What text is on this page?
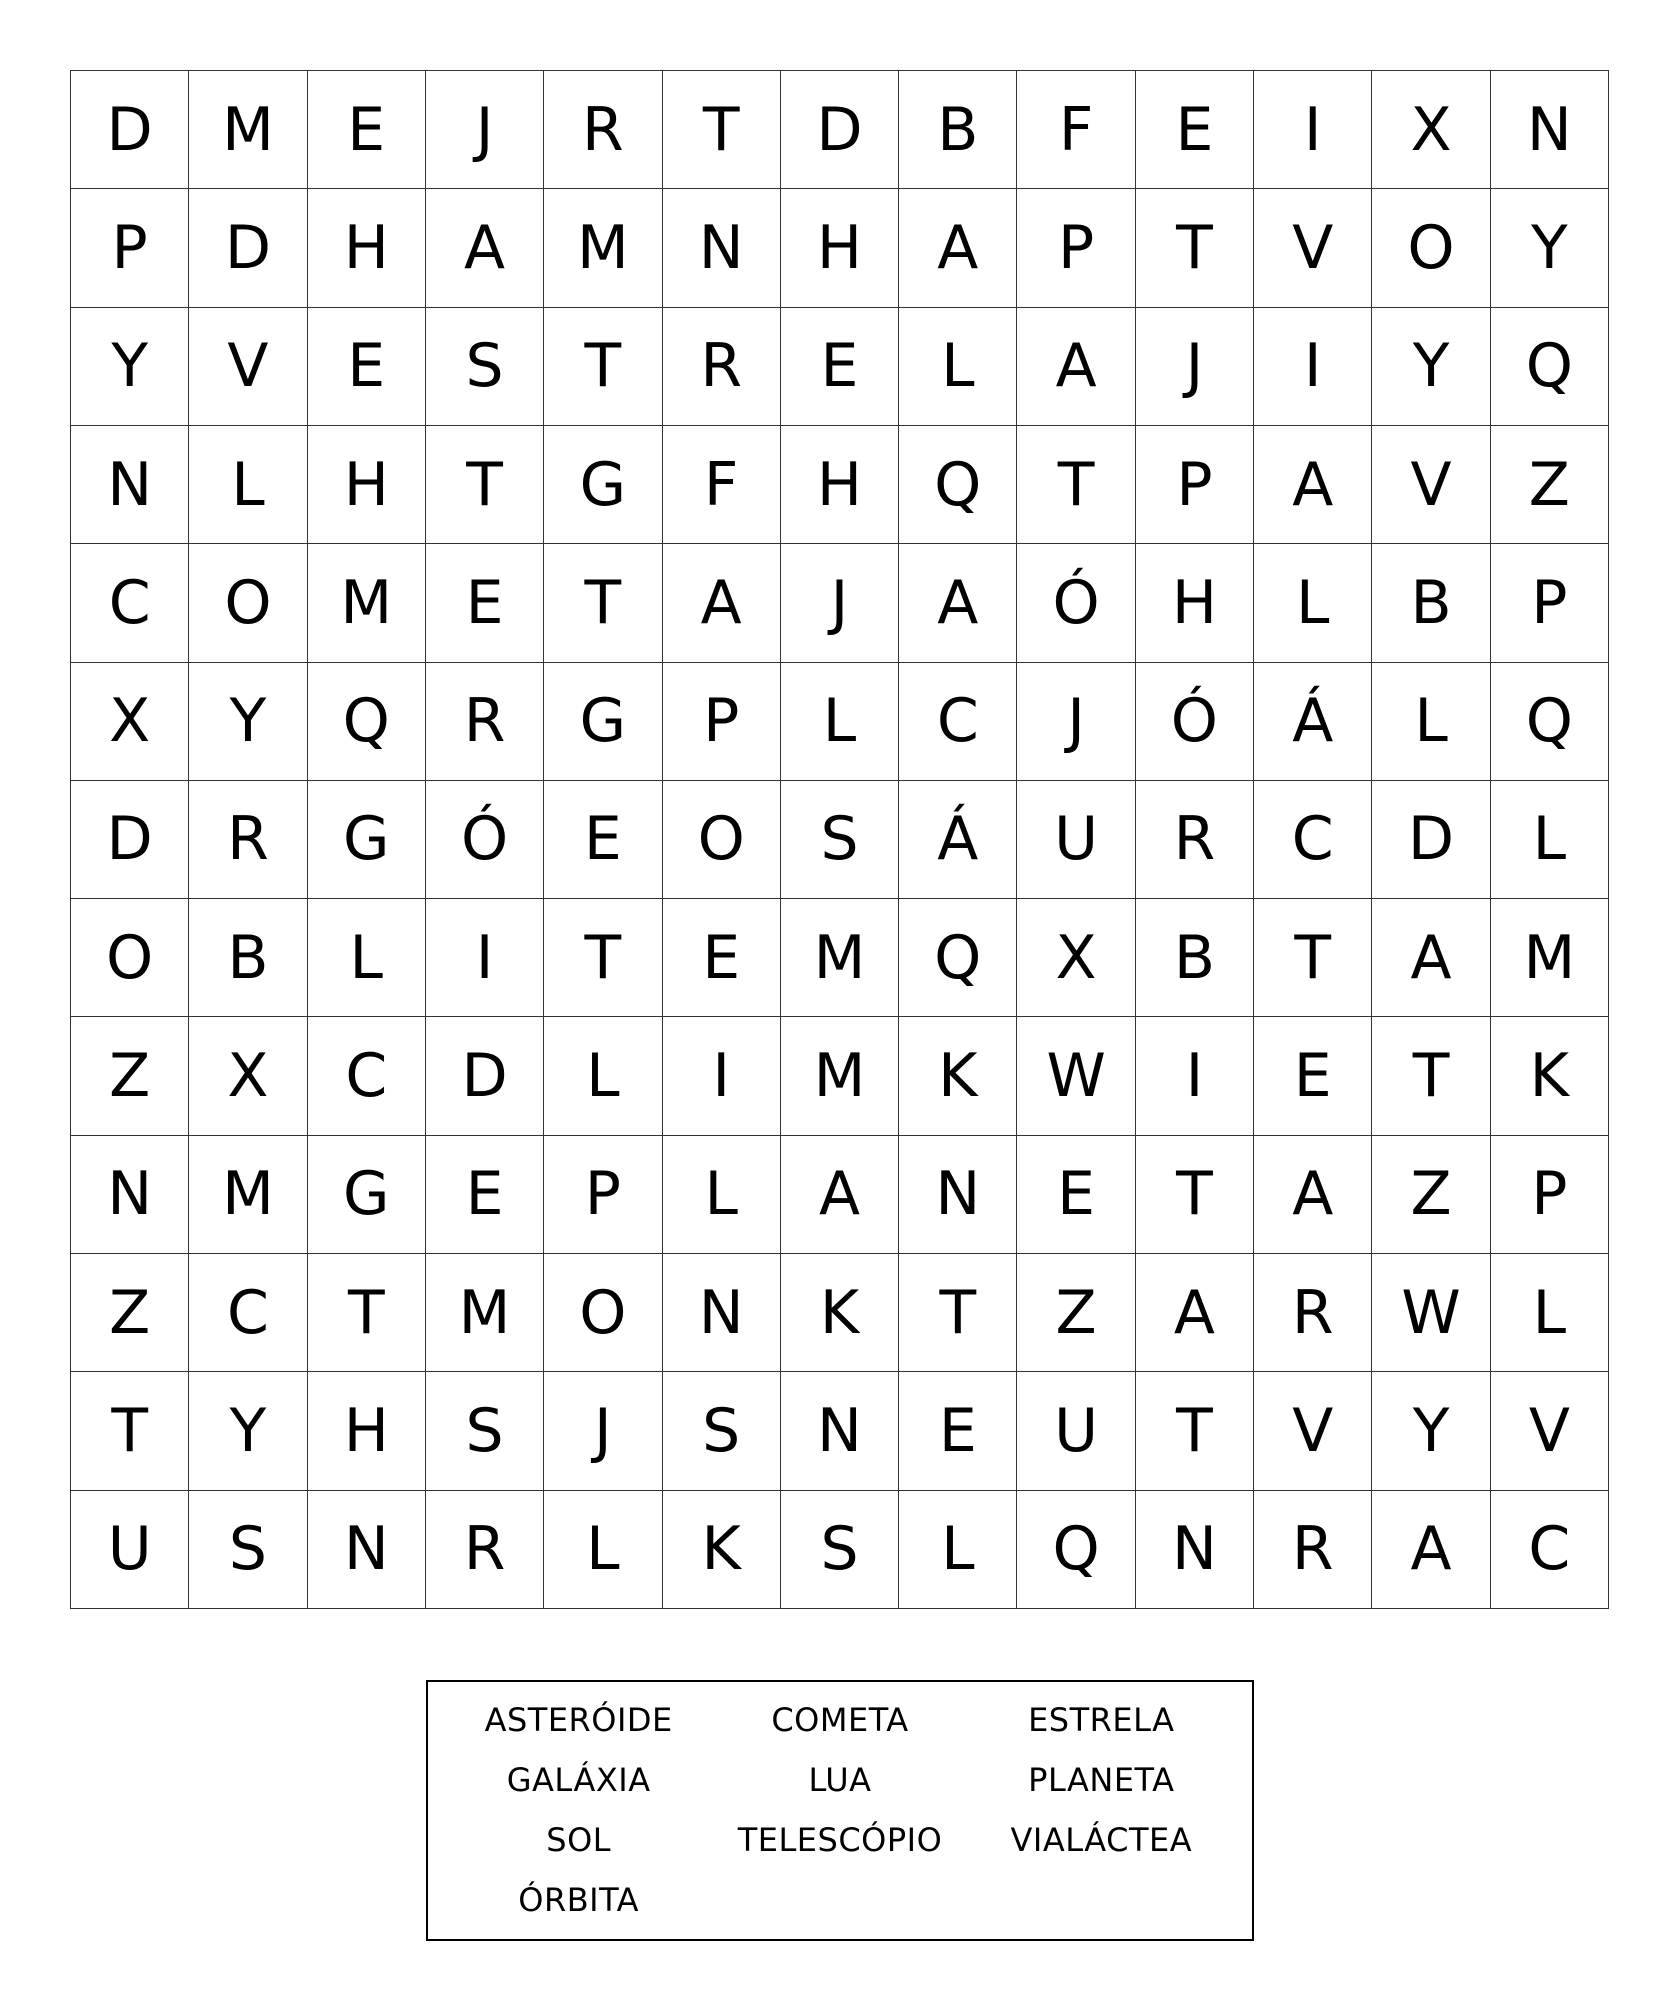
D	M	E	J	R	T	D	B	F	E	I	X	N
P	D	H	A	M	N	H	A	P	T	V	O	Y
Y	V	E	S	T	R	E	L	A	J	I	Y	Q
N	L	H	T	G	F	H	Q	T	P	A	V	Z
C	O	M	E	T	A	J	A	Ó	H	L	B	P
X	Y	Q	R	G	P	L	C	J	Ó	Á	L	Q
D	R	G	Ó	E	O	S	Á	U	R	C	D	L
O	B	L	I	T	E	M	Q	X	B	T	A	M
Z	X	C	D	L	I	M	K	W	I	E	T	K
N	M	G	E	P	L	A	N	E	T	A	Z	P
Z	C	T	M	O	N	K	T	Z	A	R	W	L
T	Y	H	S	J	S	N	E	U	T	V	Y	V
U	S	N	R	L	K	S	L	Q	N	R	A	C
ASTERÓIDE	COMETA	ESTRELA
GALÁXIA	LUA	PLANETA
SOL	TELESCÓPIO	VIALÁCTEA
ÓRBITA
